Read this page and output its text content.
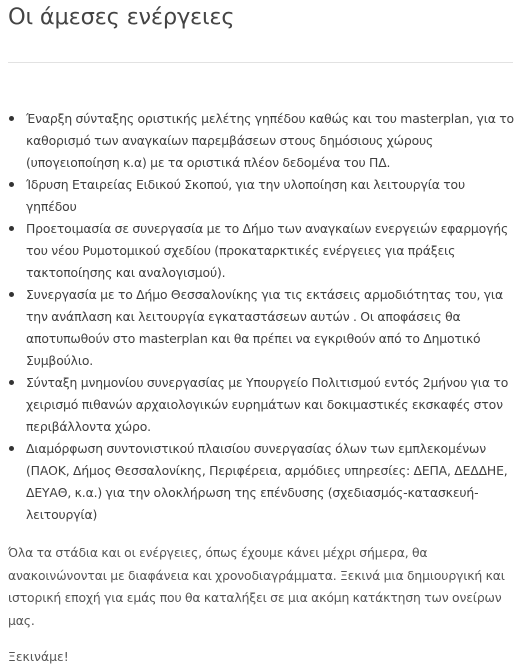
Οι άμεσες ενέργειες
Έναρξη σύνταξης οριστικής μελέτης γηπέδου καθώς και του masterplan, για το καθορισμό των αναγκαίων παρεμβάσεων στους δημόσιους χώρους (υπογειοποίηση κ.α) με τα οριστικά πλέον δεδομένα του ΠΔ.
Ίδρυση Εταιρείας Ειδικού Σκοπού, για την υλοποίηση και λειτουργία του γηπέδου
Προετοιμασία σε συνεργασία με το Δήμο των αναγκαίων ενεργειών εφαρμογής του νέου Ρυμοτομικού σχεδίου (προκαταρκτικές ενέργειες για πράξεις τακτοποίησης και αναλογισμού).
Συνεργασία με το Δήμο Θεσσαλονίκης για τις εκτάσεις αρμοδιότητας του, για την ανάπλαση και λειτουργία εγκαταστάσεων αυτών . Οι αποφάσεις θα αποτυπωθούν στο masterplan και θα πρέπει να εγκριθούν από το Δημοτικό Συμβούλιο.
Σύνταξη μνημονίου συνεργασίας με Υπουργείο Πολιτισμού εντός 2μήνου για το χειρισμό πιθανών αρχαιολογικών ευρημάτων και δοκιμαστικές εκσκαφές στον περιβάλλοντα χώρο.
Διαμόρφωση συντονιστικού πλαισίου συνεργασίας όλων των εμπλεκομένων (ΠΑΟΚ, Δήμος Θεσσαλονίκης, Περιφέρεια, αρμόδιες υπηρεσίες: ΔΕΠΑ, ΔΕΔΔΗΕ, ΔΕΥΑΘ, κ.α.) για την ολοκλήρωση της επένδυσης (σχεδιασμός-κατασκευή- λειτουργία)

Όλα τα στάδια και οι ενέργειες, όπως έχουμε κάνει μέχρι σήμερα, θα ανακοινώνονται με διαφάνεια και χρονοδιαγράμματα. Ξεκινά μια δημιουργική και ιστορική εποχή για εμάς που θα καταλήξει σε μια ακόμη κατάκτηση των ονείρων μας.

Ξεκινάμε!
